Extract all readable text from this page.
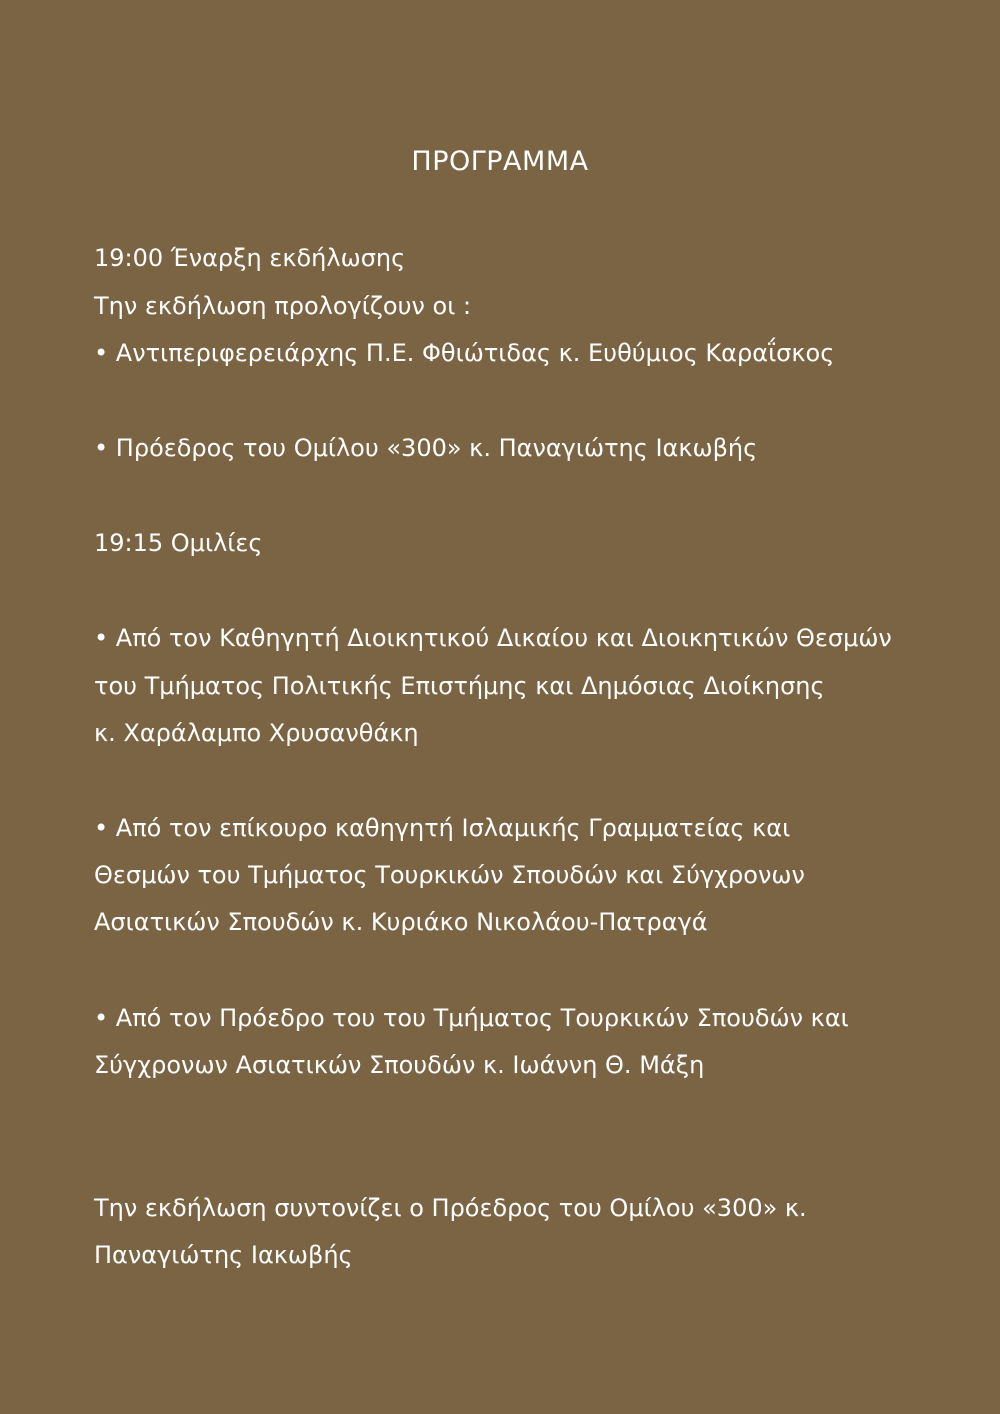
ΠΡΟΓΡΑΜΜΑ
19:00 Έναρξη εκδήλωσης
Την εκδήλωση προλογίζουν οι :
• Αντιπεριφερειάρχης Π.Ε. Φθιώτιδας κ. Ευθύμιος Καραΐσκος
• Πρόεδρος του Ομίλου «300» κ. Παναγιώτης Ιακωβής
19:15 Ομιλίες
• Από τον Καθηγητή Διοικητικού Δικαίου και Διοικητικών Θεσμών
του Τμήματος Πολιτικής Επιστήμης και Δημόσιας Διοίκησης
κ. Χαράλαμπο Χρυσανθάκη
• Από τον επίκουρο καθηγητή Ισλαμικής Γραμματείας και
Θεσμών του Τμήματος Τουρκικών Σπουδών και Σύγχρονων
Ασιατικών Σπουδών κ. Κυριάκο Νικολάου-Πατραγά
• Από τον Πρόεδρο του του Τμήματος Τουρκικών Σπουδών και
Σύγχρονων Ασιατικών Σπουδών κ. Ιωάννη Θ. Μάξη
Την εκδήλωση συντονίζει ο Πρόεδρος του Ομίλου «300» κ.
Παναγιώτης Ιακωβής
